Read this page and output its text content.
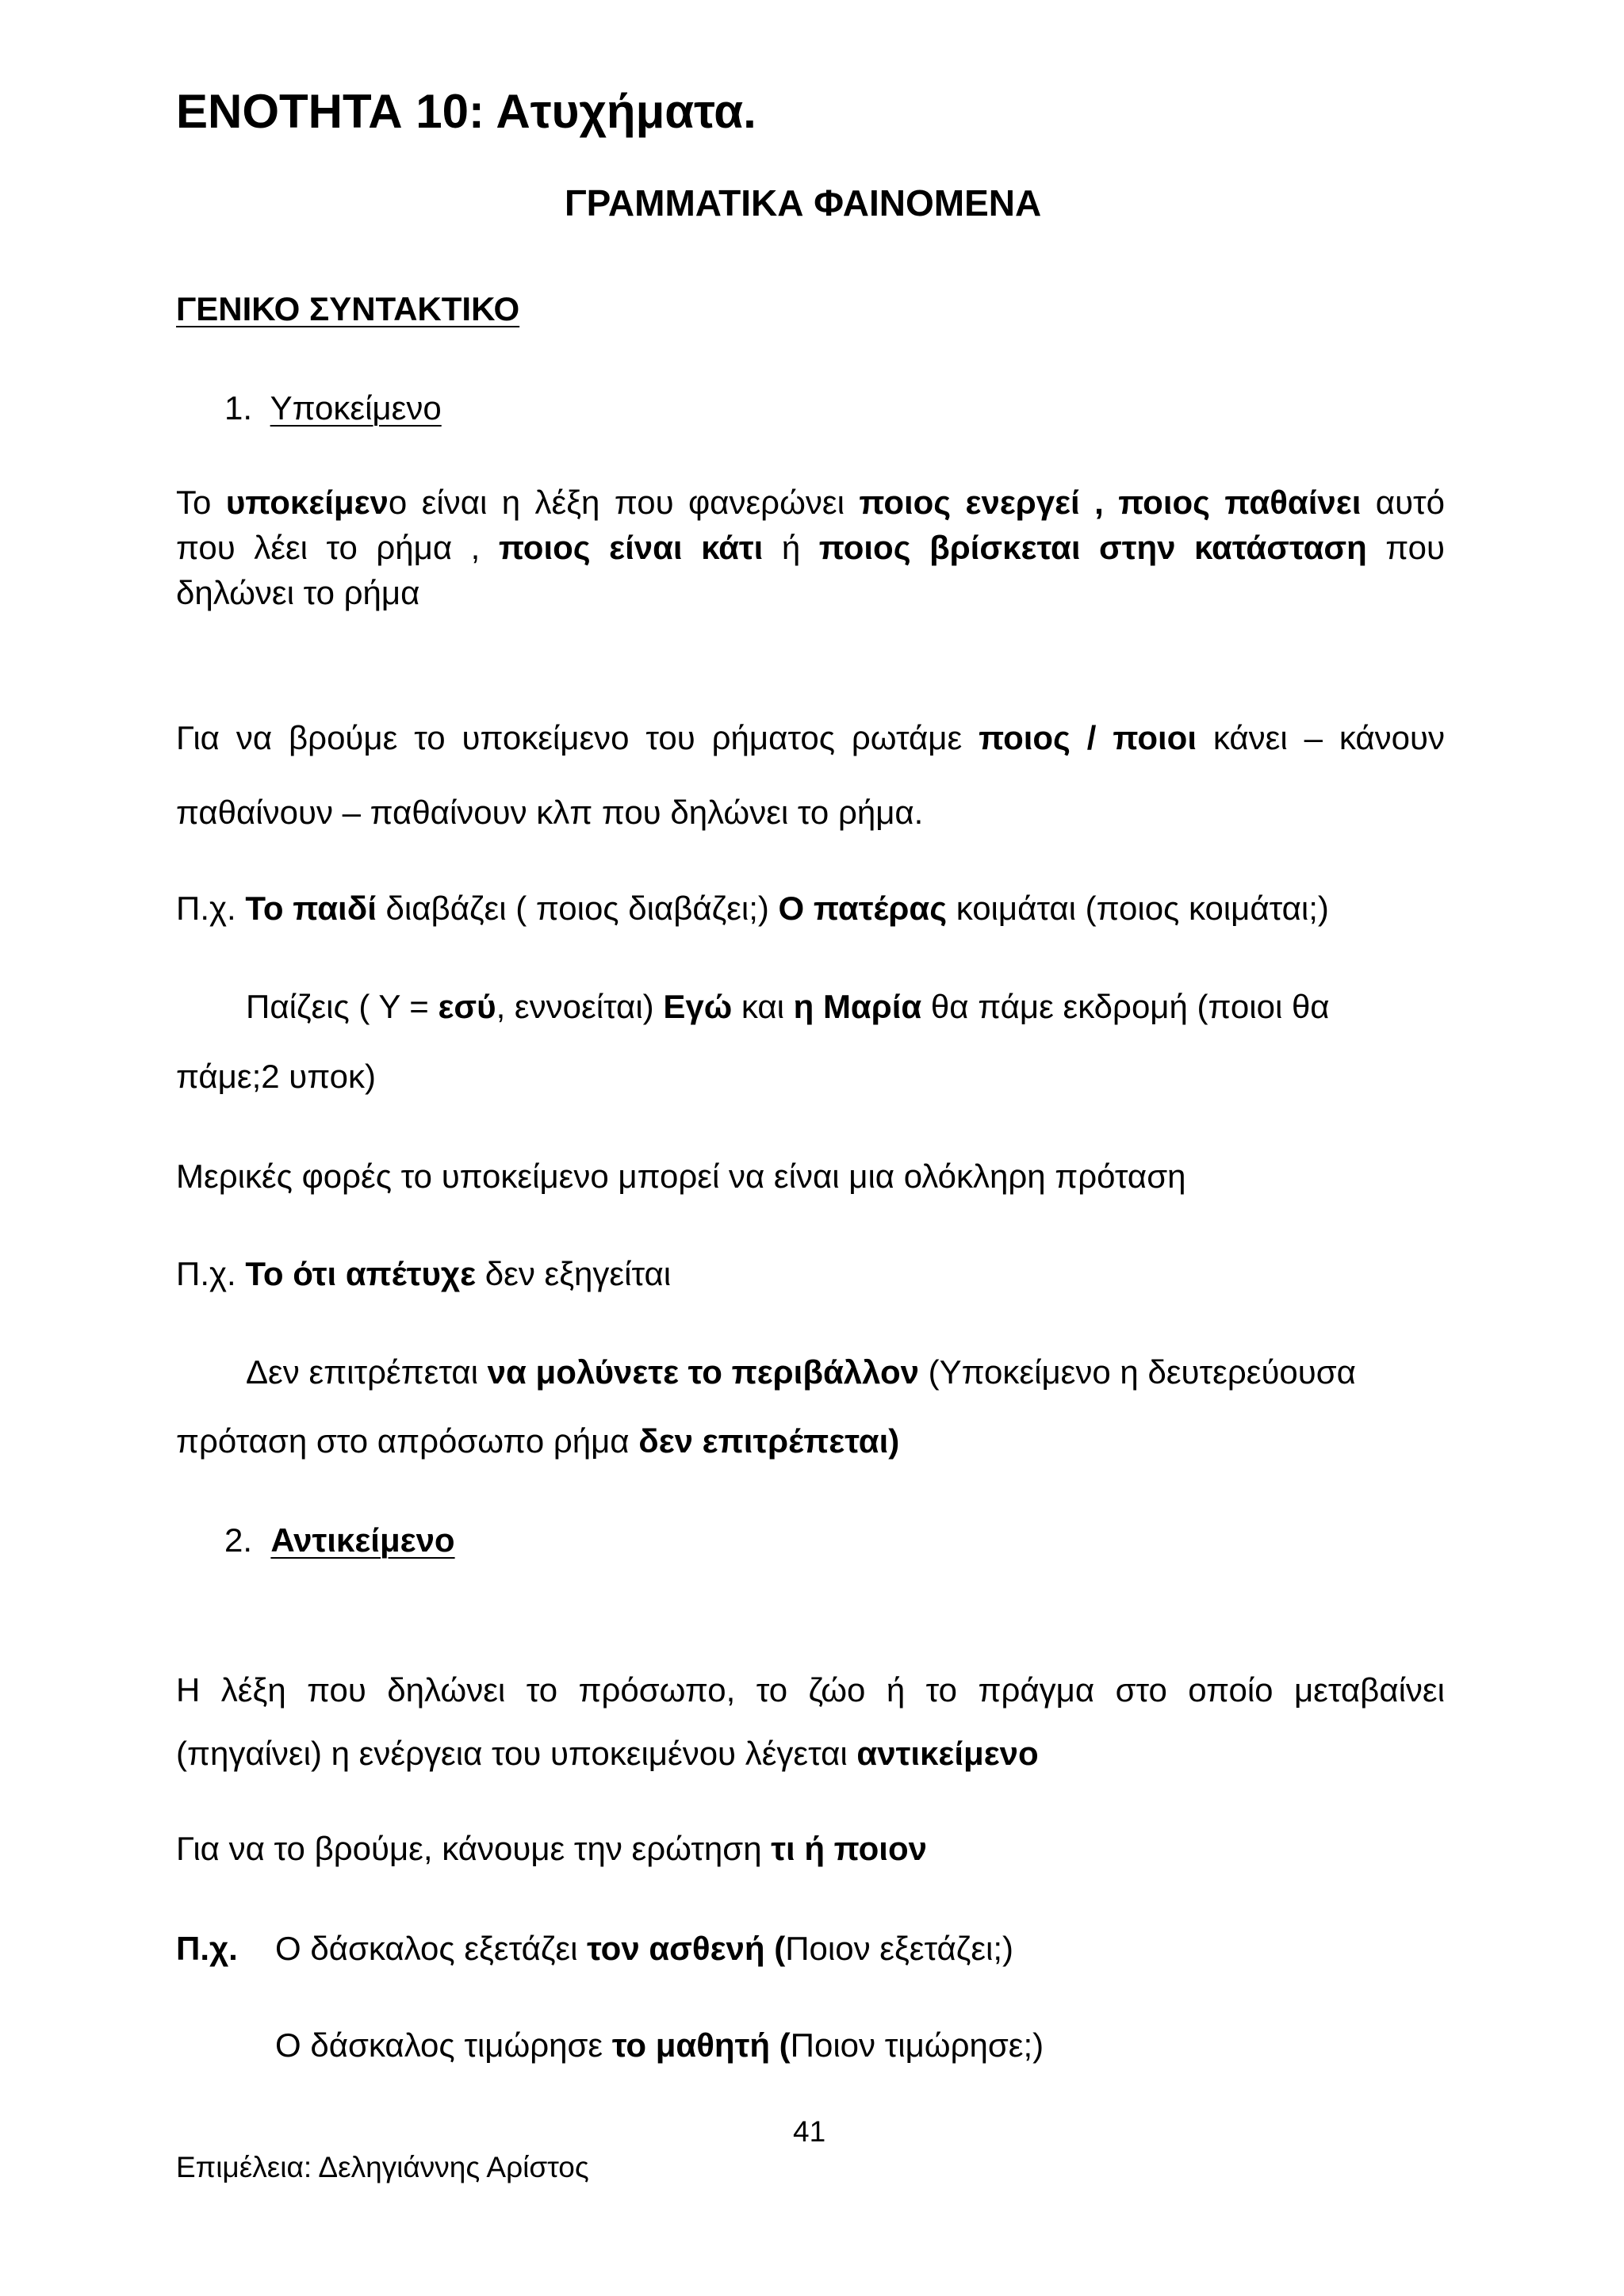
ΕΝΟΤΗΤΑ 10: Ατυχήματα.
ΓΡΑΜΜΑΤΙΚΑ ΦΑΙΝΟΜΕΝΑ
ΓΕΝΙΚΟ ΣΥΝΤΑΚΤΙΚΟ
1. Υποκείμενο
Το υποκείμενο είναι η λέξη που φανερώνει ποιος ενεργεί , ποιος παθαίνει αυτό που λέει το ρήμα , ποιος είναι κάτι ή ποιος βρίσκεται στην κατάσταση που δηλώνει το ρήμα
Για να βρούμε το υποκείμενο του ρήματος ρωτάμε ποιος / ποιοι κάνει – κάνουν
παθαίνουν – παθαίνουν κλπ που δηλώνει το ρήμα.
Π.χ. Το παιδί διαβάζει ( ποιος διαβάζει;) Ο πατέρας κοιμάται (ποιος κοιμάται;)
Παίζεις ( Υ = εσύ, εννοείται) Εγώ και η Μαρία θα πάμε εκδρομή (ποιοι θα
πάμε;2 υποκ)
Μερικές φορές το υποκείμενο μπορεί να είναι μια ολόκληρη πρόταση
Π.χ. Το ότι απέτυχε δεν εξηγείται
Δεν επιτρέπεται να μολύνετε το περιβάλλον (Υποκείμενο η δευτερεύουσα
πρόταση στο απρόσωπο ρήμα δεν επιτρέπεται)
2. Αντικείμενο
Η λέξη που δηλώνει το πρόσωπο, το ζώο ή το πράγμα στο οποίο μεταβαίνει
(πηγαίνει) η ενέργεια του υποκειμένου λέγεται αντικείμενο
Για να το βρούμε, κάνουμε την ερώτηση τι ή ποιον
Π.χ. Ο δάσκαλος εξετάζει τον ασθενή (Ποιον εξετάζει;)
Ο δάσκαλος τιμώρησε το μαθητή (Ποιον τιμώρησε;)
41
Επιμέλεια: Δεληγιάννης Αρίστος
